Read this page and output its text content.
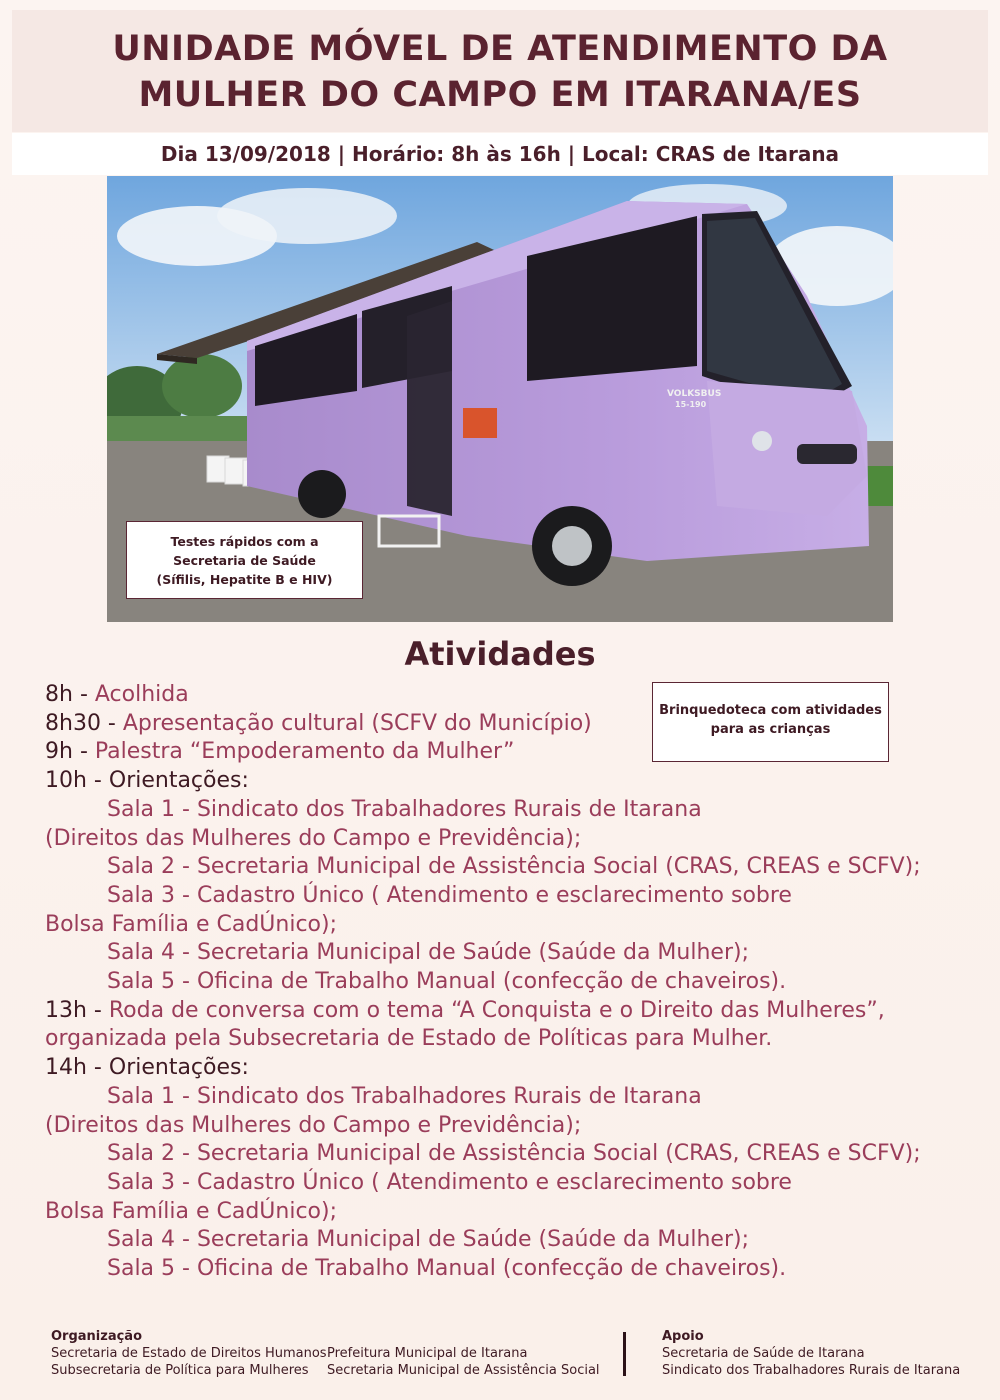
UNIDADE MÓVEL DE ATENDIMENTO DA
MULHER DO CAMPO EM ITARANA/ES
Dia 13/09/2018 | Horário: 8h às 16h | Local: CRAS de Itarana
VOLKSBUS
15-190
Testes rápidos com a
Secretaria de Saúde
(Sífilis, Hepatite B e HIV)
Atividades
Brinquedoteca com atividades
para as crianças
8h - Acolhida
8h30 - Apresentação cultural (SCFV do Município)
9h - Palestra “Empoderamento da Mulher”
10h - Orientações:
Sala 1 - Sindicato dos Trabalhadores Rurais de Itarana
(Direitos das Mulheres do Campo e Previdência);
Sala 2 - Secretaria Municipal de Assistência Social (CRAS, CREAS e SCFV);
Sala 3 - Cadastro Único ( Atendimento e esclarecimento sobre
Bolsa Família e CadÚnico);
Sala 4 - Secretaria Municipal de Saúde (Saúde da Mulher);
Sala 5 - Oficina de Trabalho Manual (confecção de chaveiros).
13h - Roda de conversa com o tema “A Conquista e o Direito das Mulheres”,
organizada pela Subsecretaria de Estado de Políticas para Mulher.
14h - Orientações:
Sala 1 - Sindicato dos Trabalhadores Rurais de Itarana
(Direitos das Mulheres do Campo e Previdência);
Sala 2 - Secretaria Municipal de Assistência Social (CRAS, CREAS e SCFV);
Sala 3 - Cadastro Único ( Atendimento e esclarecimento sobre
Bolsa Família e CadÚnico);
Sala 4 - Secretaria Municipal de Saúde (Saúde da Mulher);
Sala 5 - Oficina de Trabalho Manual (confecção de chaveiros).
Organização
Secretaria de Estado de Direitos Humanos
Subsecretaria de Política para Mulheres
Prefeitura Municipal de Itarana
Secretaria Municipal de Assistência Social
Apoio
Secretaria de Saúde de Itarana
Sindicato dos Trabalhadores Rurais de Itarana
